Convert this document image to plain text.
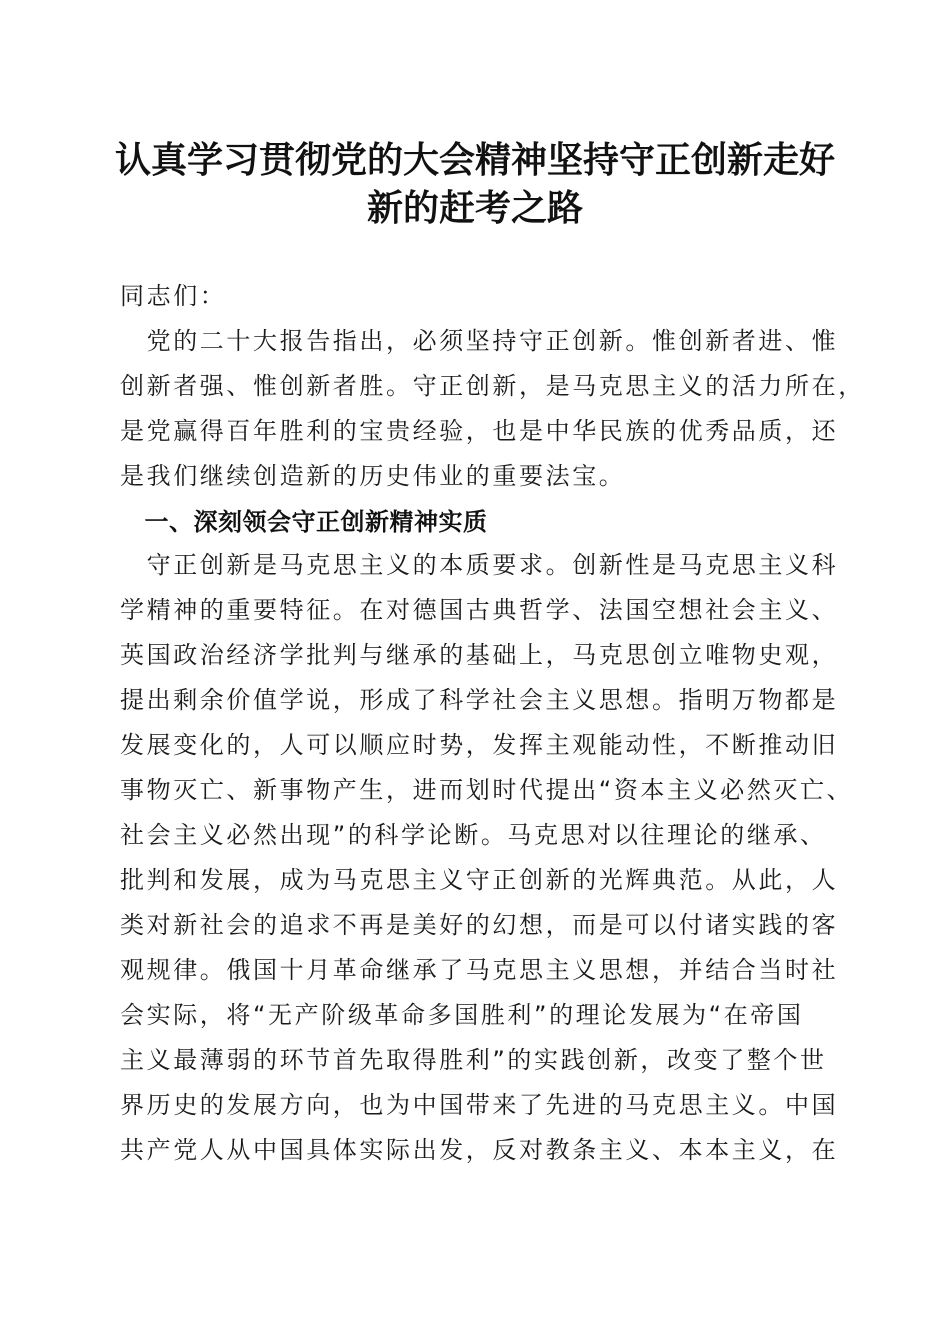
认真学习贯彻党的大会精神坚持守正创新走好
新的赶考之路
同志们：
　党的二十大报告指出，必须坚持守正创新。惟创新者进、惟
创新者强、惟创新者胜。守正创新，是马克思主义的活力所在，
是党赢得百年胜利的宝贵经验，也是中华民族的优秀品质，还
是我们继续创造新的历史伟业的重要法宝。
　一、深刻领会守正创新精神实质
　守正创新是马克思主义的本质要求。创新性是马克思主义科
学精神的重要特征。在对德国古典哲学、法国空想社会主义、
英国政治经济学批判与继承的基础上，马克思创立唯物史观，
提出剩余价值学说，形成了科学社会主义思想。指明万物都是
发展变化的，人可以顺应时势，发挥主观能动性，不断推动旧
事物灭亡、新事物产生，进而划时代提出“资本主义必然灭亡、
社会主义必然出现”的科学论断。马克思对以往理论的继承、
批判和发展，成为马克思主义守正创新的光辉典范。从此，人
类对新社会的追求不再是美好的幻想，而是可以付诸实践的客
观规律。俄国十月革命继承了马克思主义思想，并结合当时社
会实际，将“无产阶级革命多国胜利”的理论发展为“在帝国
主义最薄弱的环节首先取得胜利”的实践创新，改变了整个世
界历史的发展方向，也为中国带来了先进的马克思主义。中国
共产党人从中国具体实际出发，反对教条主义、本本主义，在
